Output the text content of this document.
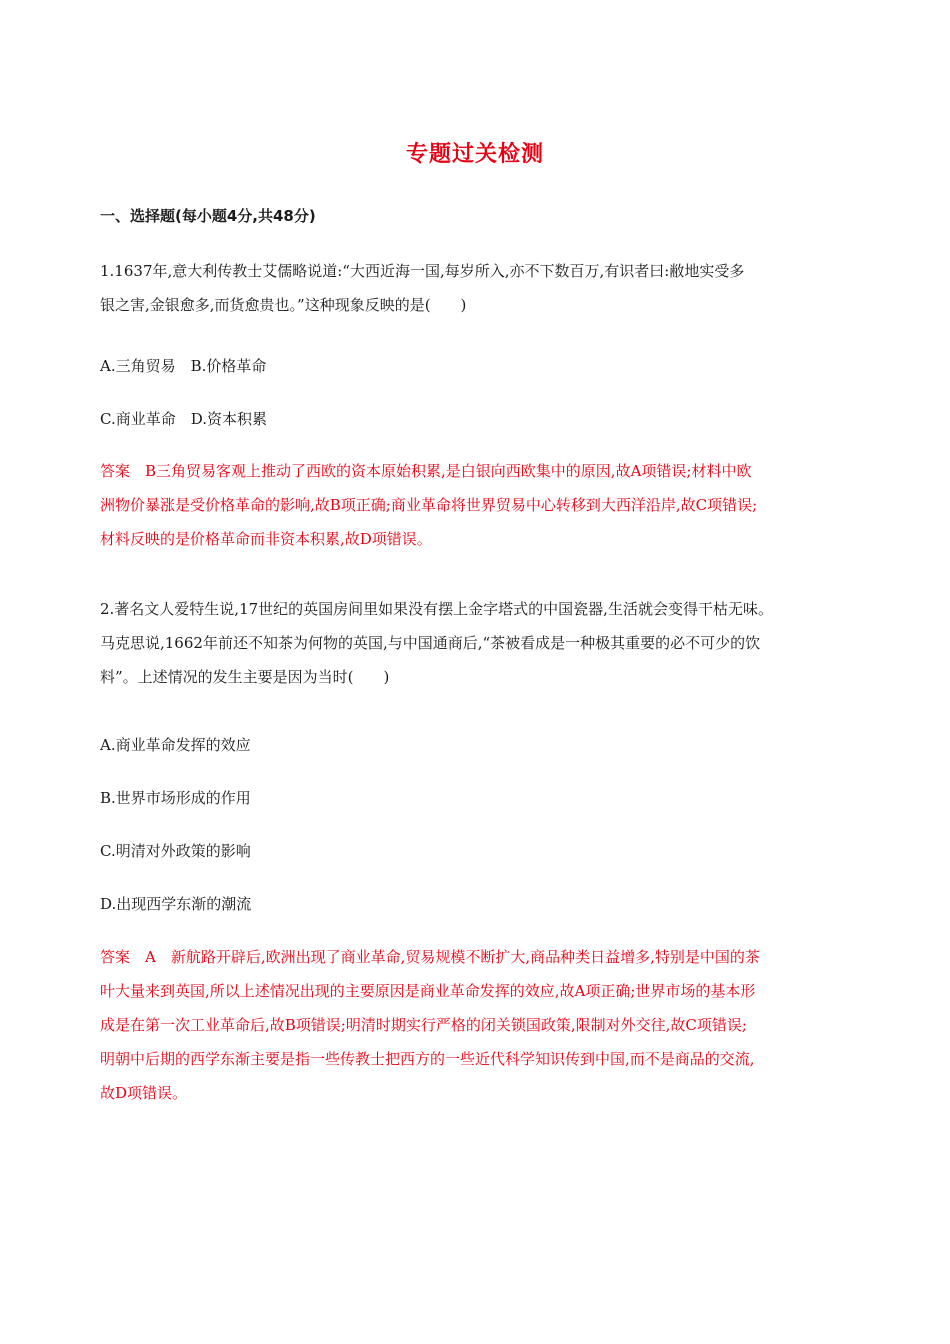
专题过关检测
一、选择题(每小题4分,共48分)
1.1637年,意大利传教士艾儒略说道:“大西近海一国,每岁所入,亦不下数百万,有识者曰:敝地实受多
银之害,金银愈多,而货愈贵也。”这种现象反映的是(　　)
A.三角贸易　B.价格革命
C.商业革命　D.资本积累
答案　B三角贸易客观上推动了西欧的资本原始积累,是白银向西欧集中的原因,故A项错误;材料中欧
洲物价暴涨是受价格革命的影响,故B项正确;商业革命将世界贸易中心转移到大西洋沿岸,故C项错误;
材料反映的是价格革命而非资本积累,故D项错误。
2.著名文人爱特生说,17世纪的英国房间里如果没有摆上金字塔式的中国瓷器,生活就会变得干枯无味。
马克思说,1662年前还不知茶为何物的英国,与中国通商后,“茶被看成是一种极其重要的必不可少的饮
料”。上述情况的发生主要是因为当时(　　)
A.商业革命发挥的效应
B.世界市场形成的作用
C.明清对外政策的影响
D.出现西学东渐的潮流
答案　A　新航路开辟后,欧洲出现了商业革命,贸易规模不断扩大,商品种类日益增多,特别是中国的茶
叶大量来到英国,所以上述情况出现的主要原因是商业革命发挥的效应,故A项正确;世界市场的基本形
成是在第一次工业革命后,故B项错误;明清时期实行严格的闭关锁国政策,限制对外交往,故C项错误;
明朝中后期的西学东渐主要是指一些传教士把西方的一些近代科学知识传到中国,而不是商品的交流,
故D项错误。
